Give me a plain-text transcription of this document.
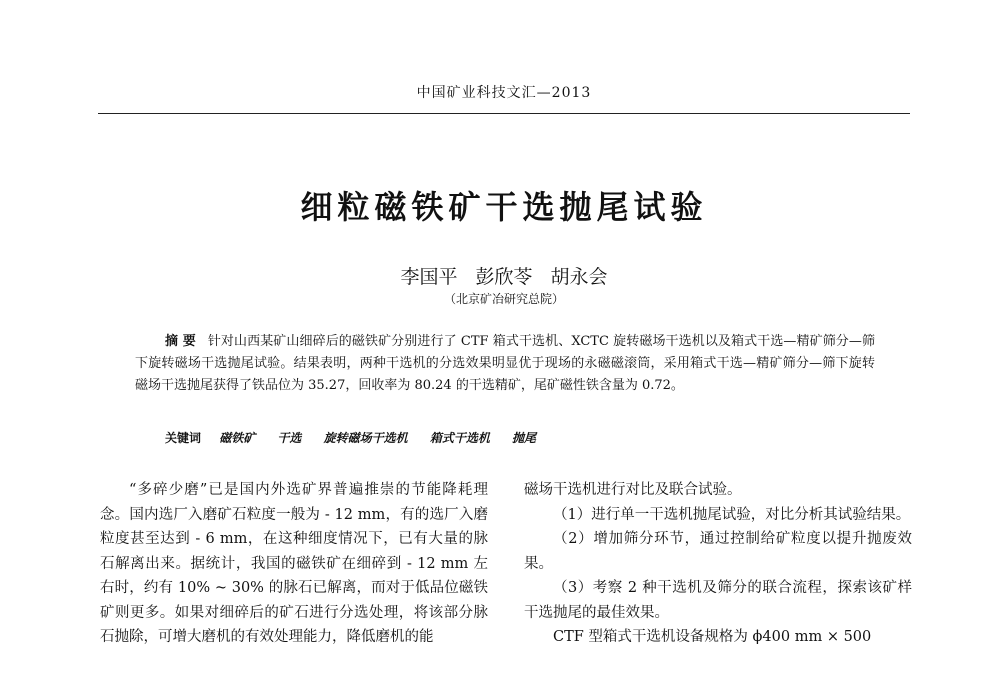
中国矿业科技文汇—2013
细粒磁铁矿干选抛尾试验
李国平 彭欣苓 胡永会
（北京矿冶研究总院）
摘 要 针对山西某矿山细碎后的磁铁矿分别进行了 CTF 箱式干选机、XCTC 旋转磁场干选机以及箱式干选—精矿筛分—筛下旋转磁场干选抛尾试验。结果表明，两种干选机的分选效果明显优于现场的永磁磁滚筒，采用箱式干选—精矿筛分—筛下旋转磁场干选抛尾获得了铁品位为 35.27，回收率为 80.24 的干选精矿，尾矿磁性铁含量为 0.72。
关键词 磁铁矿 干选 旋转磁场干选机 箱式干选机 抛尾

“多碎少磨”已是国内外选矿界普遍推崇的节能降耗理念。国内选厂入磨矿石粒度一般为 - 12 mm，有的选厂入磨粒度甚至达到 - 6 mm，在这种细度情况下，已有大量的脉石解离出来。据统计，我国的磁铁矿在细碎到 - 12 mm 左右时，约有 10% ~ 30% 的脉石已解离，而对于低品位磁铁矿则更多。如果对细碎后的矿石进行分选处理，将该部分脉石抛除，可增大磨机的有效处理能力，降低磨机的能

磁场干选机进行对比及联合试验。

（1）进行单一干选机抛尾试验，对比分析其试验结果。

（2）增加筛分环节，通过控制给矿粒度以提升抛废效果。

（3）考察 2 种干选机及筛分的联合流程，探索该矿样干选抛尾的最佳效果。

CTF 型箱式干选机设备规格为 ϕ400 mm × 500
